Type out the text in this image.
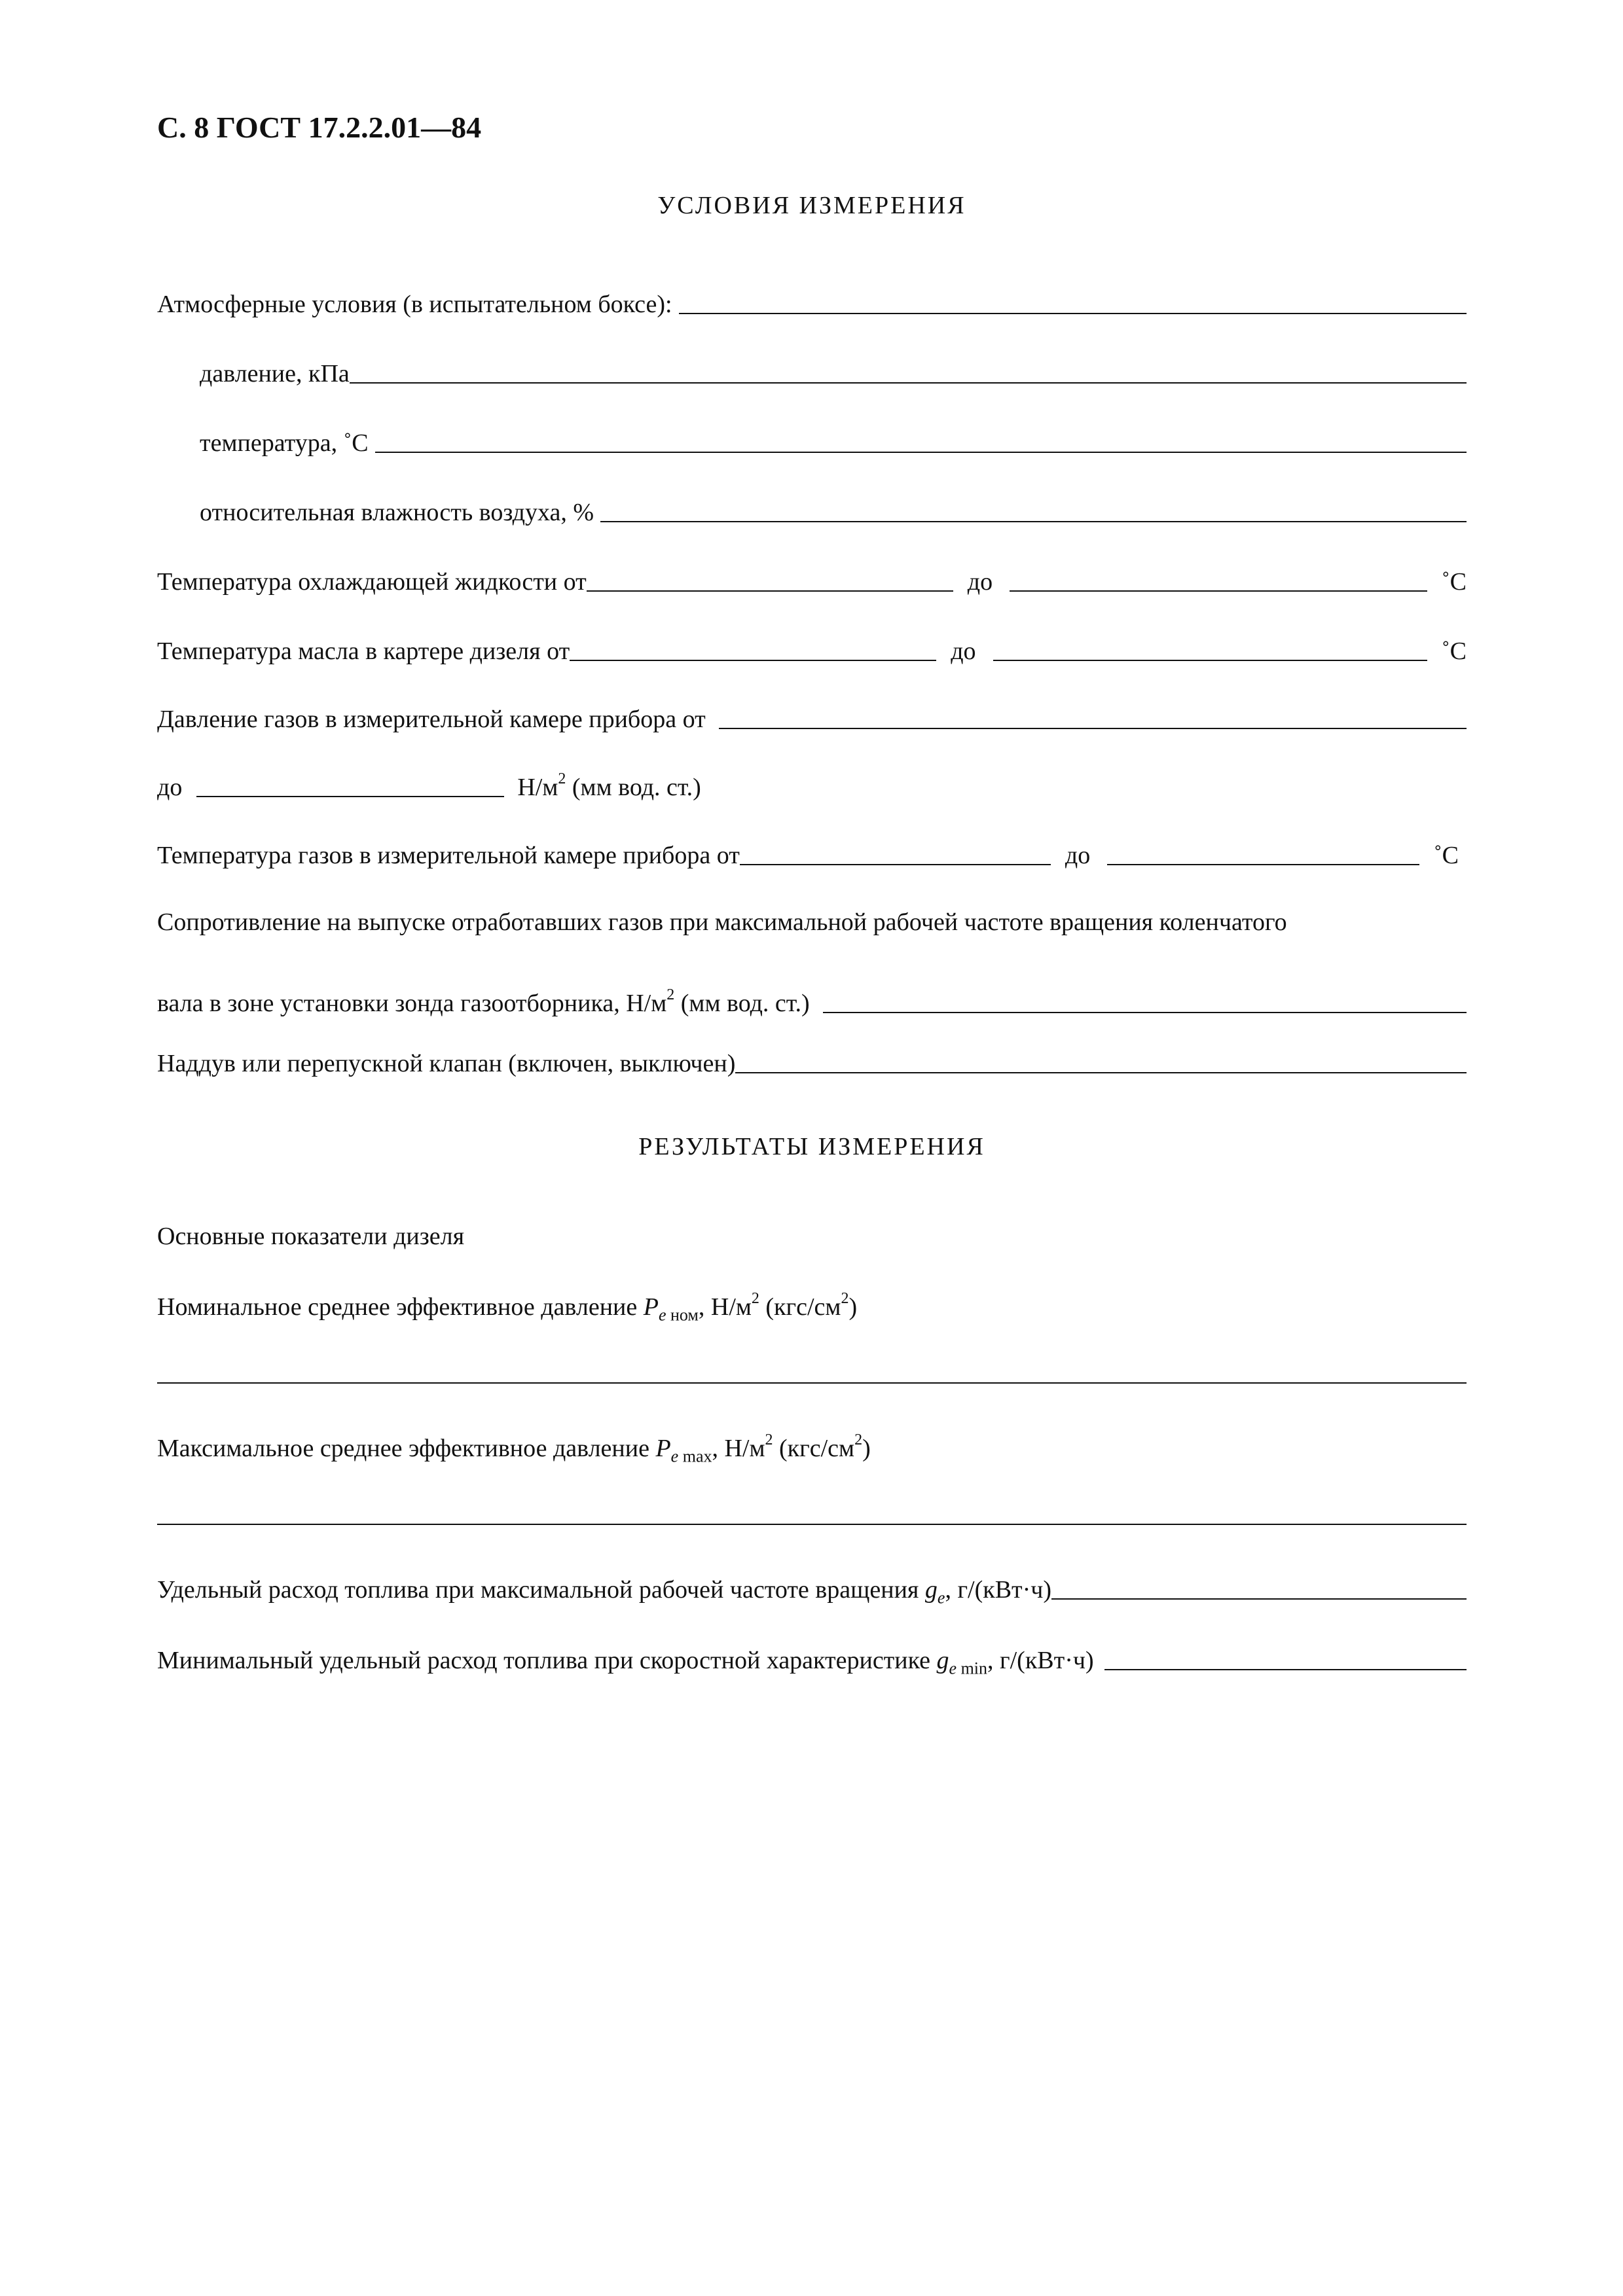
С. 8 ГОСТ 17.2.2.01—84
УСЛОВИЯ ИЗМЕРЕНИЯ
Атмосферные условия (в испытательном боксе):
давление, кПа
температура, ˚С
относительная влажность воздуха, %
Температура охлаждающей жидкости от	до	˚С
Температура масла в картере дизеля от	до	˚С
Давление газов в измерительной камере прибора от
до	$Н/м^2$ (мм вод. ст.)
Температура газов в измерительной камере прибора от	до	˚С
Сопротивление на выпуске отработавших газов при максимальной рабочей частоте вращения коленчатого
вала в зоне установки зонда газоотборника, $Н/м^2$ (мм вод. ст.)
Наддув или перепускной клапан (включен, выключен)
РЕЗУЛЬТАТЫ ИЗМЕРЕНИЯ
Основные показатели дизеля
Номинальное среднее эффективное давление $P_{e ном}$, $Н/м^2$ $(кгс/см^2)$
Максимальное среднее эффективное давление $P_{e max}$, $Н/м^2$ $(кгс/см^2)$
Удельный расход топлива при максимальной рабочей частоте вращения $g_e$, г/(кВт·ч)
Минимальный удельный расход топлива при скоростной характеристике $g_{e min}$, г/(кВт·ч)
